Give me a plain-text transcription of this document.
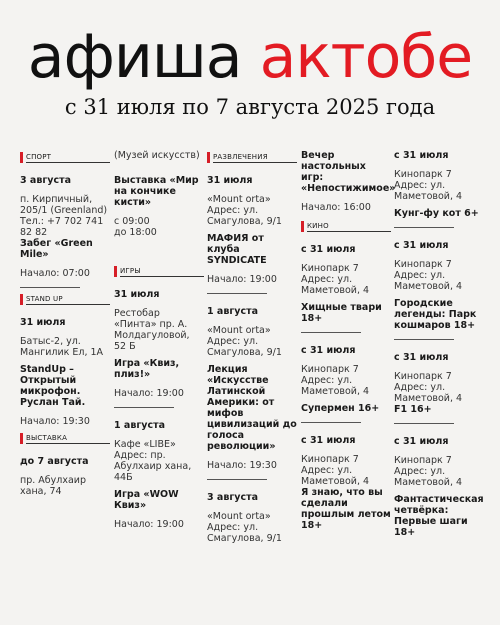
афиша актобе
с 31 июля по 7 августа 2025 года
СПОРТ
3 августа
п. Кирпичный, 205/1 (Greenland)
Тел.: +7 702 741 82 82
Забег «Green Mile»
Начало: 07:00
STAND UP
31 июля
Батыс-2, ул. Мангилик Ел, 1А
StandUp – Открытый микрофон. Руслан Тай.
Начало: 19:30
ВЫСТАВКА
до 7 августа
пр. Абулхаир хана, 74
(Музей искусств)
Выставка «Мир на кончике кисти»
с 09:00
до 18:00
ИГРЫ
31 июля
Рестобар «Пинта» пр. А. Молдагуловой, 52 Б
Игра «Квиз, плиз!»
Начало: 19:00
1 августа
Кафе «LIBE» Адрес: пр. Абулхаир хана, 44Б
Игра «WOW Квиз»
Начало: 19:00
РАЗВЛЕЧЕНИЯ
31 июля
«Mount orta» Адрес: ул. Смагулова, 9/1
МАФИЯ от клуба SYNDICATE
Начало: 19:00
1 августа
«Mount orta» Адрес: ул. Смагулова, 9/1
Лекция «Искусстве Латинской Америки: от мифов цивилизаций до голоса революции»
Начало: 19:30
3 августа
«Mount orta» Адрес: ул. Смагулова, 9/1
Вечер настольных игр: «Непостижимое»
Начало: 16:00
КИНО
с 31 июля
Кинопарк 7 Адрес: ул. Маметовой, 4
Хищные твари 18+
с 31 июля
Кинопарк 7 Адрес: ул. Маметовой, 4
Супермен 16+
с 31 июля
Кинопарк 7 Адрес: ул. Маметовой, 4
Я знаю, что вы сделали прошлым летом 18+
с 31 июля
Кинопарк 7 Адрес: ул. Маметовой, 4
Кунг-фу кот 6+
с 31 июля
Кинопарк 7 Адрес: ул. Маметовой, 4
Городские легенды: Парк кошмаров 18+
с 31 июля
Кинопарк 7 Адрес: ул. Маметовой, 4
F1 16+
с 31 июля
Кинопарк 7 Адрес: ул. Маметовой, 4
Фантастическая четвёрка: Первые шаги 18+
